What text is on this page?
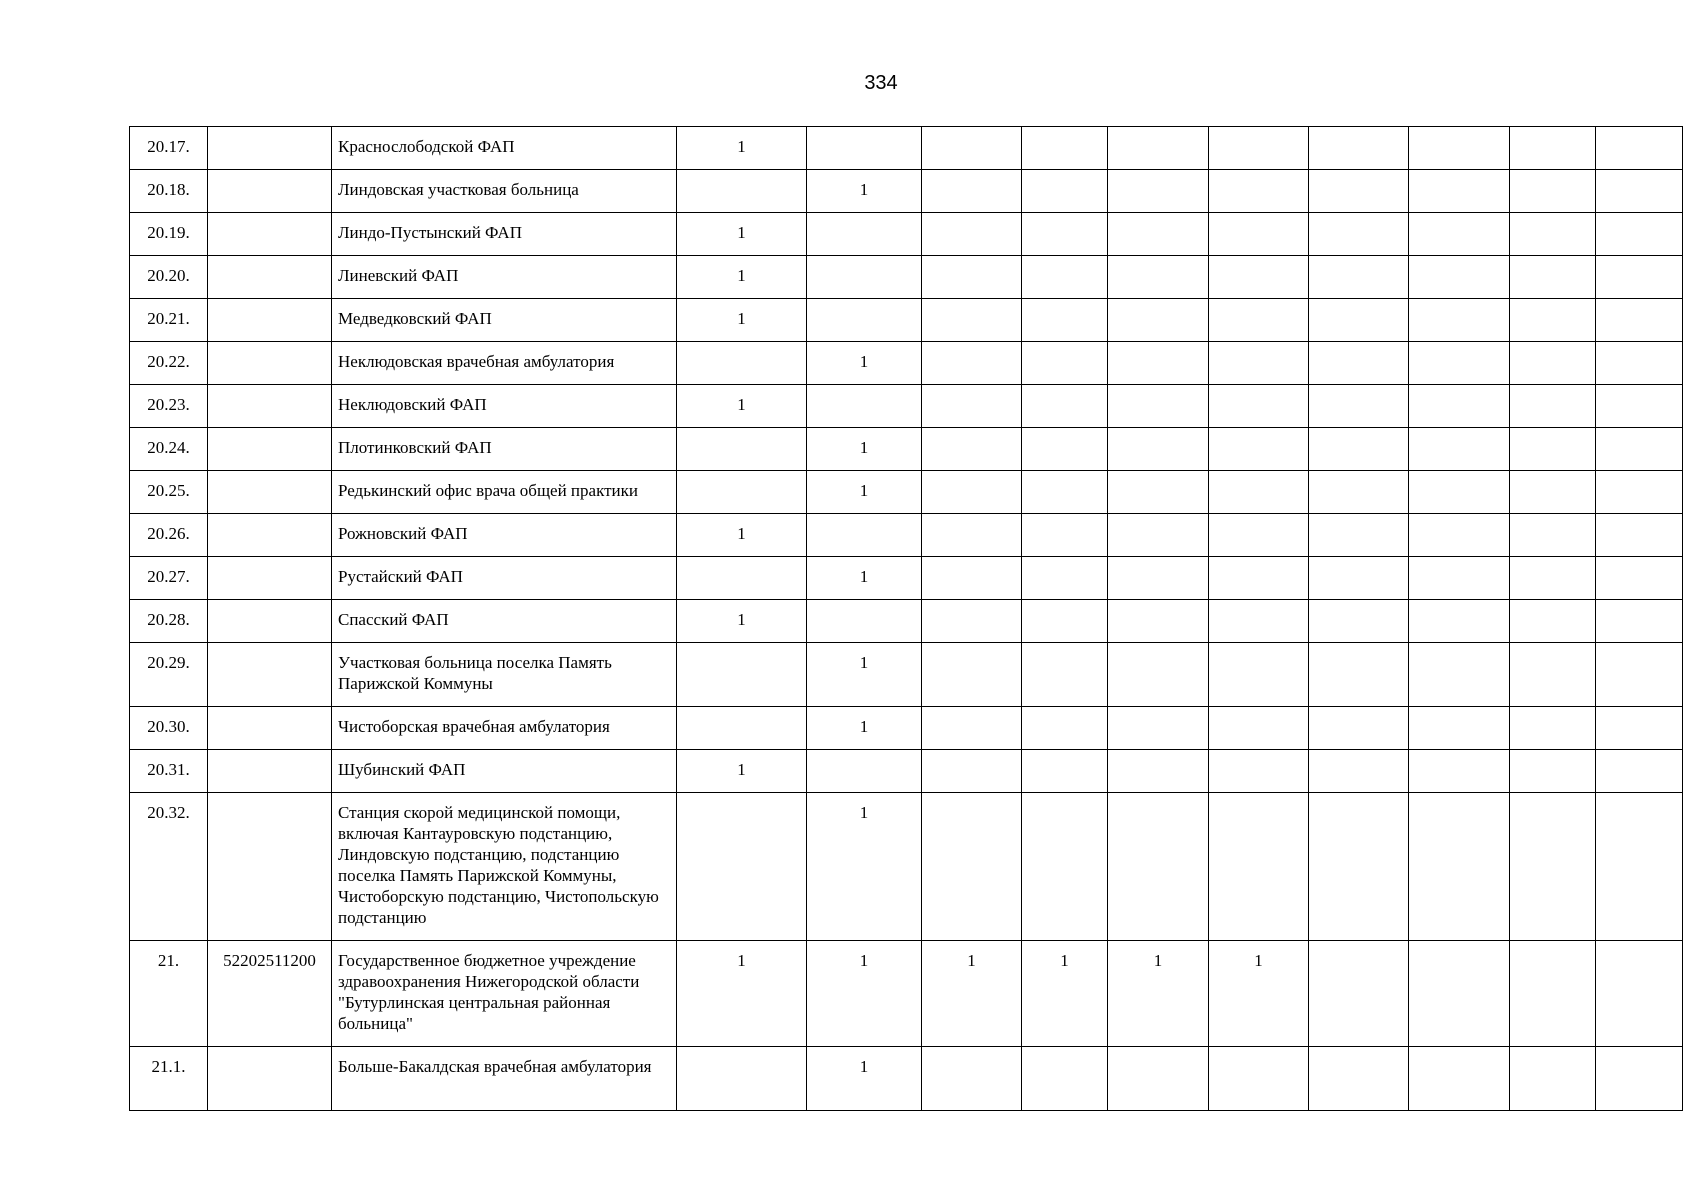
334
20.17.		Краснослободской ФАП	1									
20.18.		Линдовская участковая больница		1								
20.19.		Линдо-Пустынский ФАП	1									
20.20.		Линевский ФАП	1									
20.21.		Медведковский ФАП	1									
20.22.		Неклюдовская врачебная амбулатория		1								
20.23.		Неклюдовский ФАП	1									
20.24.		Плотинковский ФАП		1								
20.25.		Редькинский офис врача общей практики		1								
20.26.		Рожновский ФАП	1									
20.27.		Рустайский ФАП		1								
20.28.		Спасский ФАП	1									
20.29.		Участковая больница поселка Память Парижской Коммуны		1								
20.30.		Чистоборская врачебная амбулатория		1								
20.31.		Шубинский ФАП	1									
20.32.		Станция скорой медицинской помощи, включая Кантауровскую подстанцию, Линдовскую подстанцию, подстанцию поселка Память Парижской Коммуны, Чистоборскую подстанцию, Чистопольскую подстанцию		1								
21.	52202511200	Государственное бюджетное учреждение здравоохранения Нижегородской области "Бутурлинская центральная районная больница"	1	1	1	1	1	1				
21.1.		Больше-Бакалдская врачебная амбулатория		1								
